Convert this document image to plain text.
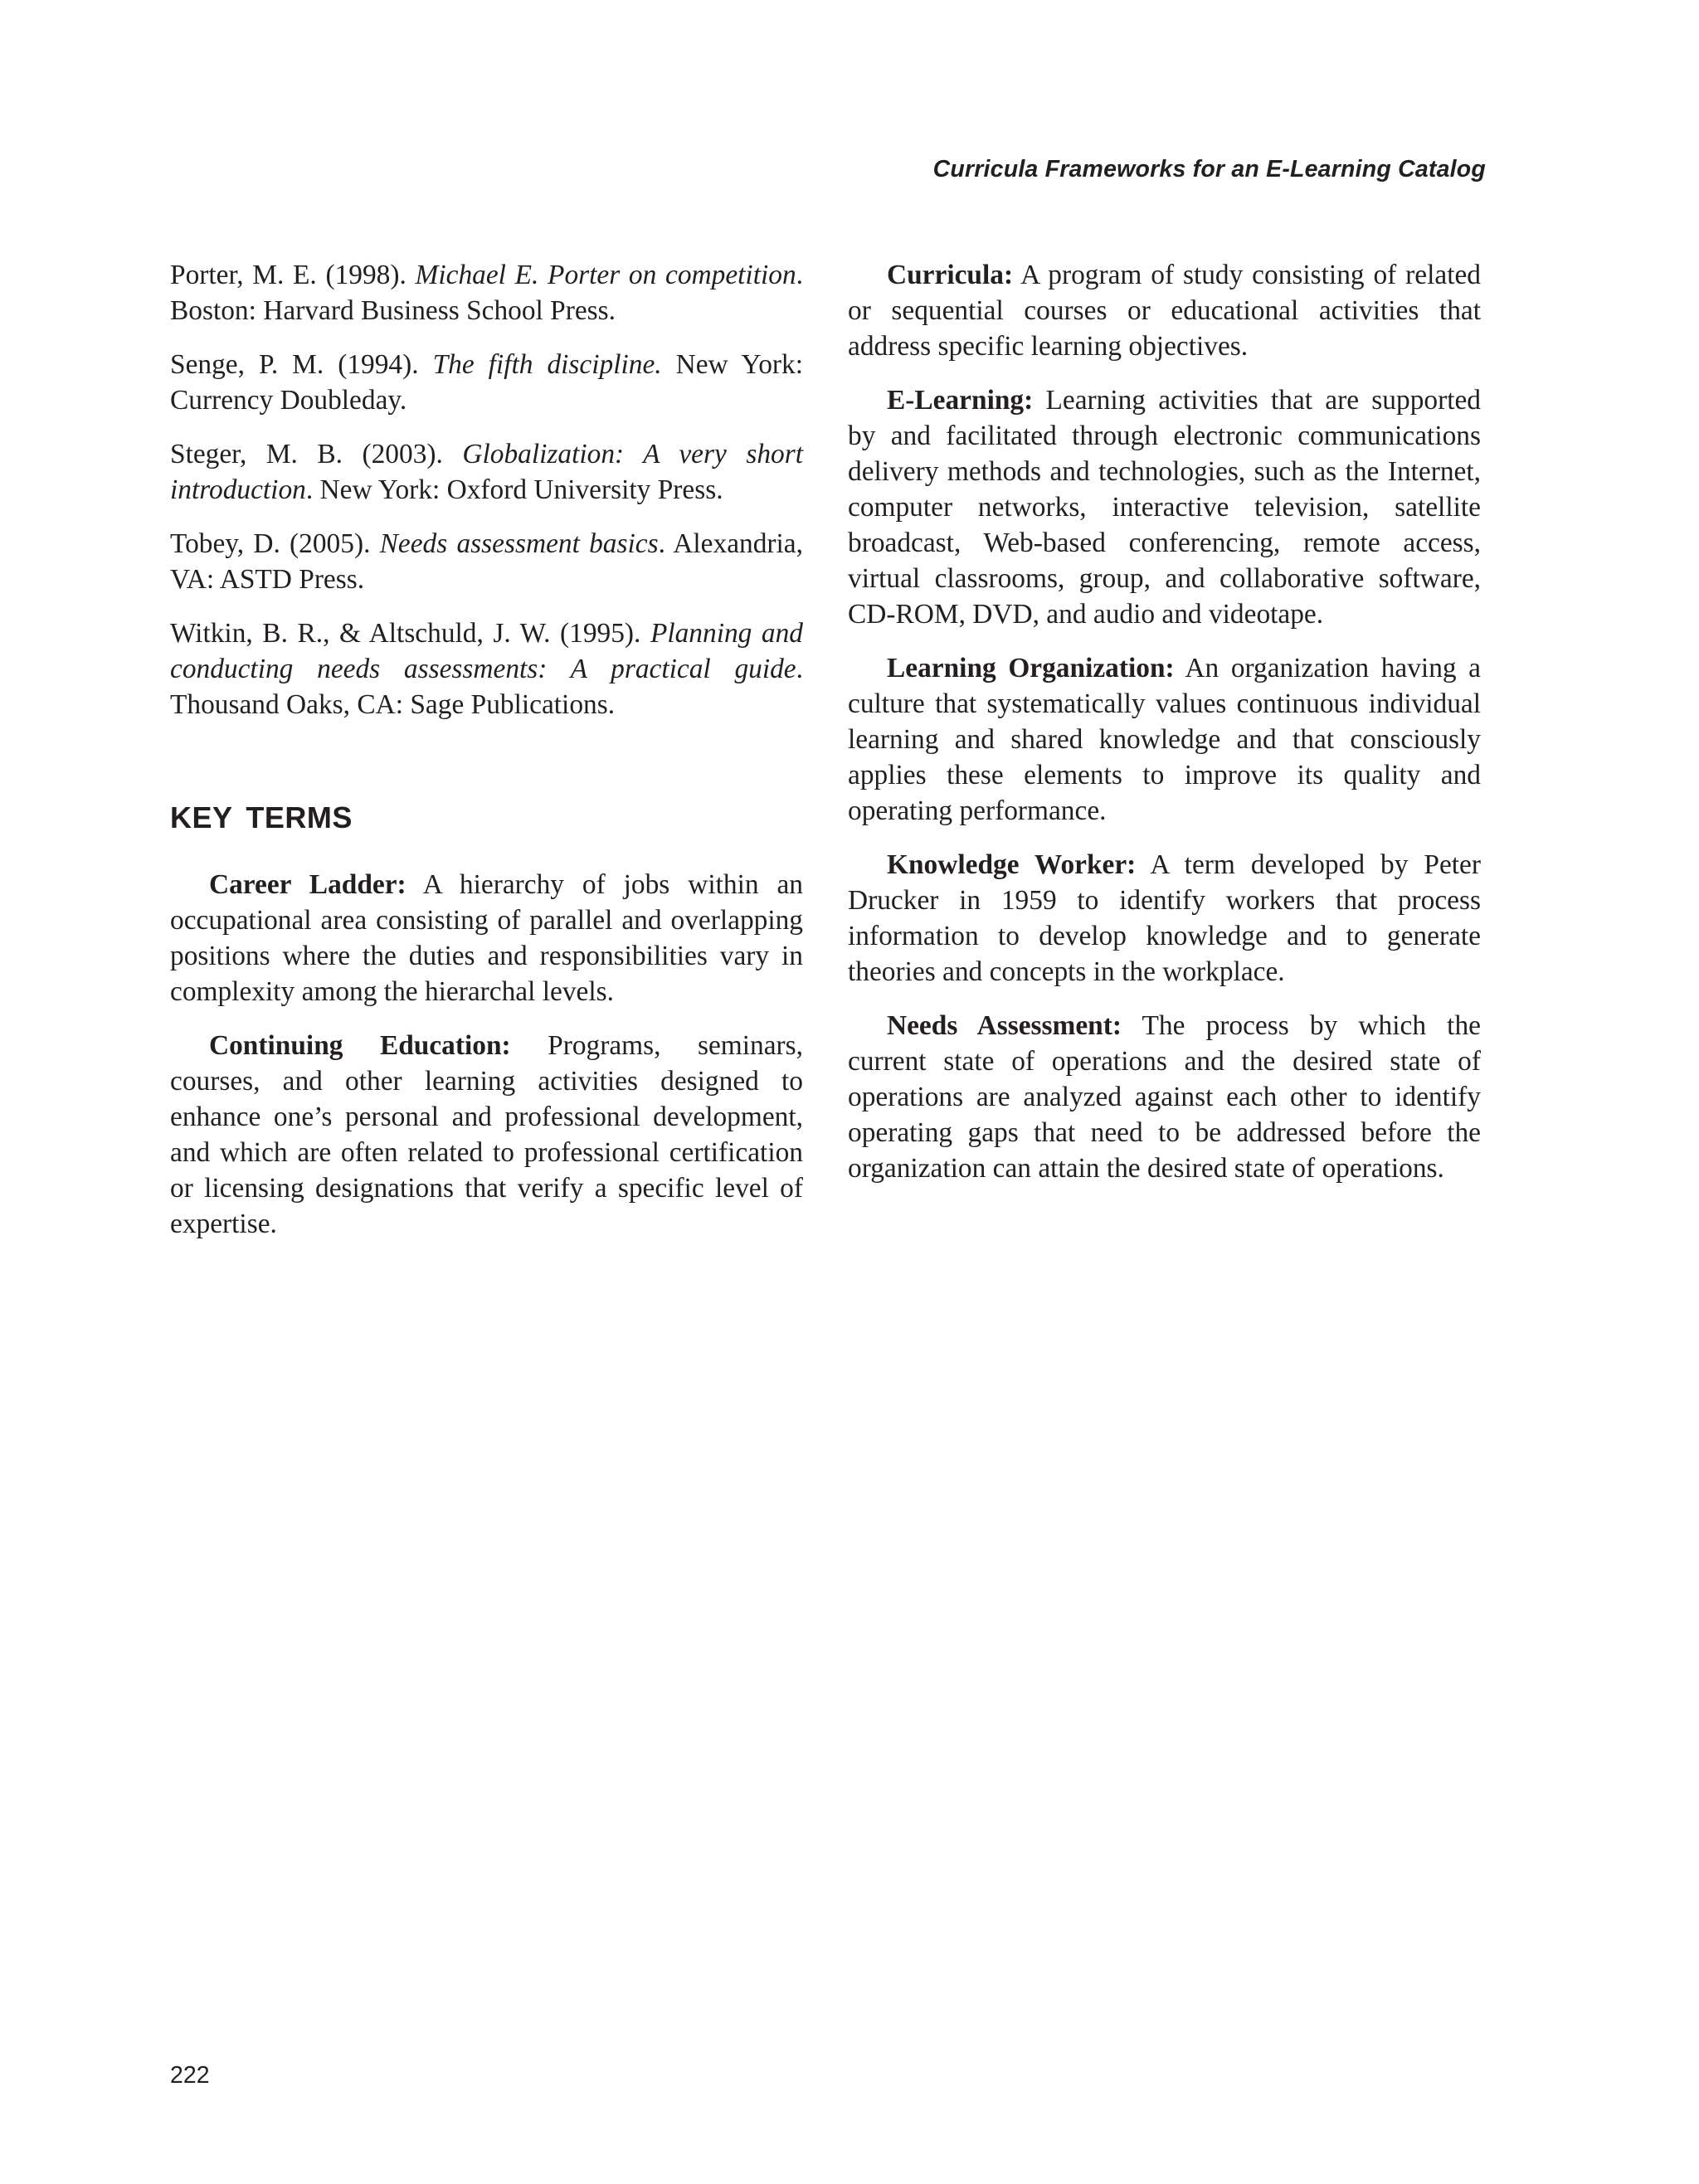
Curricula Frameworks for an E-Learning Catalog

Porter, M. E. (1998). Michael E. Porter on competition. Boston: Harvard Business School Press.

Senge, P. M. (1994). The fifth discipline. New York: Currency Doubleday.

Steger, M. B. (2003). Globalization: A very short introduction. New York: Oxford University Press.

Tobey, D. (2005). Needs assessment basics. Alexandria, VA: ASTD Press.

Witkin, B. R., & Altschuld, J. W. (1995). Planning and conducting needs assessments: A practical guide. Thousand Oaks, CA: Sage Publications.

KEY TERMS

Career Ladder: A hierarchy of jobs within an occupational area consisting of parallel and overlapping positions where the duties and responsibilities vary in complexity among the hierarchal levels.

Continuing Education: Programs, seminars, courses, and other learning activities designed to enhance one’s personal and professional development, and which are often related to professional certification or licensing designations that verify a specific level of expertise.

Curricula: A program of study consisting of related or sequential courses or educational activities that address specific learning objectives.

E-Learning: Learning activities that are supported by and facilitated through electronic communications delivery methods and technologies, such as the Internet, computer networks, interactive television, satellite broadcast, Web-based conferencing, remote access, virtual classrooms, group, and collaborative software, CD-ROM, DVD, and audio and videotape.

Learning Organization: An organization having a culture that systematically values continuous individual learning and shared knowledge and that consciously applies these elements to improve its quality and operating performance.

Knowledge Worker: A term developed by Peter Drucker in 1959 to identify workers that process information to develop knowledge and to generate theories and concepts in the workplace.

Needs Assessment: The process by which the current state of operations and the desired state of operations are analyzed against each other to identify operating gaps that need to be addressed before the organization can attain the desired state of operations.

222
